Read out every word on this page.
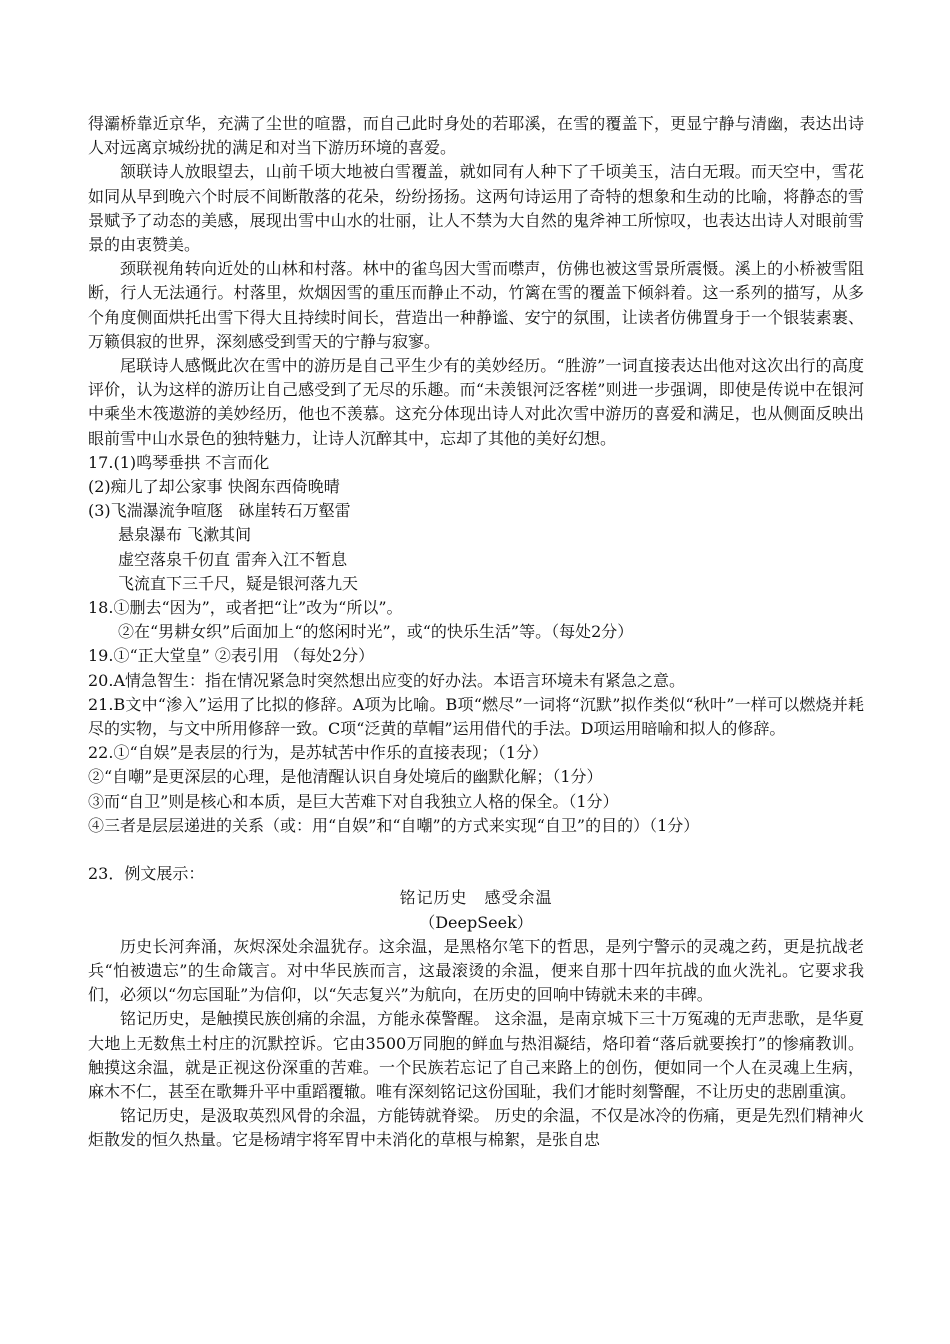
得灞桥靠近京华，充满了尘世的喧嚣，而自己此时身处的若耶溪，在雪的覆盖下，更显宁静与清幽，表达出诗人对远离京城纷扰的满足和对当下游历环境的喜爱。

颔联诗人放眼望去，山前千顷大地被白雪覆盖，就如同有人种下了千顷美玉，洁白无瑕。而天空中，雪花如同从早到晚六个时辰不间断散落的花朵，纷纷扬扬。这两句诗运用了奇特的想象和生动的比喻，将静态的雪景赋予了动态的美感，展现出雪中山水的壮丽，让人不禁为大自然的鬼斧神工所惊叹，也表达出诗人对眼前雪景的由衷赞美。

颈联视角转向近处的山林和村落。林中的雀鸟因大雪而噤声，仿佛也被这雪景所震慑。溪上的小桥被雪阻断，行人无法通行。村落里，炊烟因雪的重压而静止不动，竹篱在雪的覆盖下倾斜着。这一系列的描写，从多个角度侧面烘托出雪下得大且持续时间长，营造出一种静谧、安宁的氛围，让读者仿佛置身于一个银装素裹、万籁俱寂的世界，深刻感受到雪天的宁静与寂寥。

尾联诗人感慨此次在雪中的游历是自己平生少有的美妙经历。“胜游”一词直接表达出他对这次出行的高度评价，认为这样的游历让自己感受到了无尽的乐趣。而“未羡银河泛客槎”则进一步强调，即使是传说中在银河中乘坐木筏遨游的美妙经历，他也不羡慕。这充分体现出诗人对此次雪中游历的喜爱和满足，也从侧面反映出眼前雪中山水景色的独特魅力，让诗人沉醉其中，忘却了其他的美好幻想。

17.(1)鸣琴垂拱 不言而化

(2)痴儿了却公家事 快阁东西倚晚晴

(3)飞湍瀑流争喧豗　砯崖转石万壑雷

悬泉瀑布 飞漱其间

虚空落泉千仞直 雷奔入江不暂息

飞流直下三千尺，疑是银河落九天

18.①删去“因为”，或者把“让”改为“所以”。

②在“男耕女织”后面加上“的悠闲时光”，或“的快乐生活”等。（每处2分）

19.①“正大堂皇” ②表引用 （每处2分）

20.A情急智生：指在情况紧急时突然想出应变的好办法。本语言环境未有紧急之意。

21.B文中“渗入”运用了比拟的修辞。A项为比喻。B项“燃尽”一词将“沉默”拟作类似“秋叶”一样可以燃烧并耗尽的实物，与文中所用修辞一致。C项“泛黄的草帽”运用借代的手法。D项运用暗喻和拟人的修辞。

22.①“自娱”是表层的行为，是苏轼苦中作乐的直接表现；（1分）

②“自嘲”是更深层的心理，是他清醒认识自身处境后的幽默化解；（1分）

③而“自卫”则是核心和本质，是巨大苦难下对自我独立人格的保全。（1分）

④三者是层层递进的关系（或：用“自娱”和“自嘲”的方式来实现“自卫”的目的）（1分）

23．例文展示：

铭记历史　感受余温

（DeepSeek）

历史长河奔涌，灰烬深处余温犹存。这余温，是黑格尔笔下的哲思，是列宁警示的灵魂之药，更是抗战老兵“怕被遗忘”的生命箴言。对中华民族而言，这最滚烫的余温，便来自那十四年抗战的血火洗礼。它要求我们，必须以“勿忘国耻”为信仰，以“矢志复兴”为航向，在历史的回响中铸就未来的丰碑。

铭记历史，是触摸民族创痛的余温，方能永葆警醒。 这余温，是南京城下三十万冤魂的无声悲歌，是华夏大地上无数焦土村庄的沉默控诉。它由3500万同胞的鲜血与热泪凝结，烙印着“落后就要挨打”的惨痛教训。触摸这余温，就是正视这份深重的苦难。一个民族若忘记了自己来路上的创伤，便如同一个人在灵魂上生病，麻木不仁，甚至在歌舞升平中重蹈覆辙。唯有深刻铭记这份国耻，我们才能时刻警醒，不让历史的悲剧重演。

铭记历史，是汲取英烈风骨的余温，方能铸就脊梁。 历史的余温，不仅是冰冷的伤痛，更是先烈们精神火炬散发的恒久热量。它是杨靖宇将军胃中未消化的草根与棉絮，是张自忠
